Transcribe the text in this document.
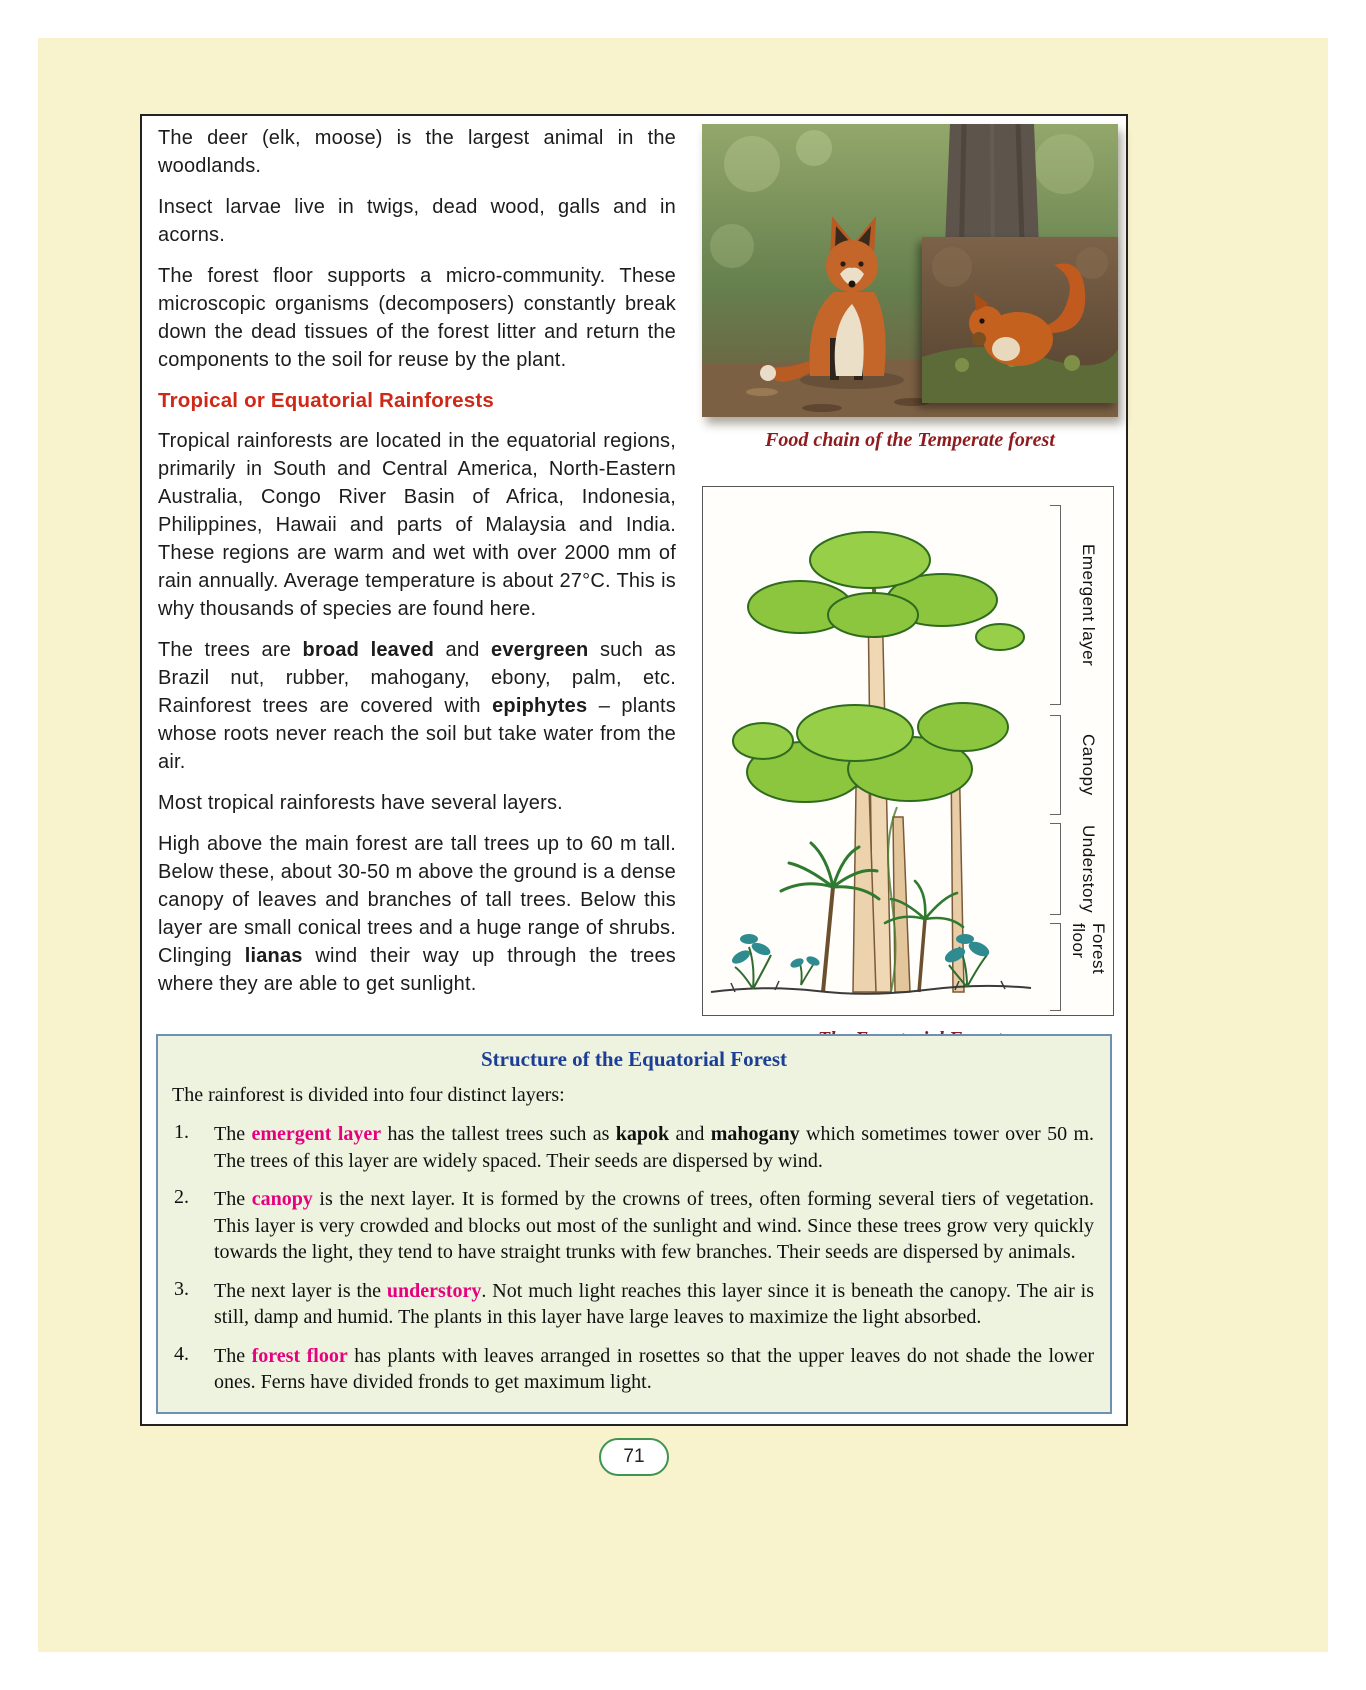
The deer (elk, moose) is the largest animal in the woodlands.

Insect larvae live in twigs, dead wood, galls and in acorns.

The forest floor supports a micro-community. These microscopic organisms (decomposers) constantly break down the dead tissues of the forest litter and return the components to the soil for reuse by the plant.

Tropical or Equatorial Rainforests

Tropical rainforests are located in the equatorial regions, primarily in South and Central America, North-Eastern Australia, Congo River Basin of Africa, Indonesia, Philippines, Hawaii and parts of Malaysia and India. These regions are warm and wet with over 2000 mm of rain annually. Average temperature is about 27°C. This is why thousands of species are found here.

The trees are broad leaved and evergreen such as Brazil nut, rubber, mahogany, ebony, palm, etc. Rainforest trees are covered with epiphytes – plants whose roots never reach the soil but take water from the air.

Most tropical rainforests have several layers.

High above the main forest are tall trees up to 60 m tall. Below these, about 30-50 m above the ground is a dense canopy of leaves and branches of tall trees. Below this layer are small conical trees and a huge range of shrubs. Clinging lianas wind their way up through the trees where they are able to get sunlight.

Food chain of the Temperate forest
Emergent layer
Canopy
Understory
Forest floor
Structure of the Equatorial Forest
The rainforest is divided into four distinct layers:
1.	The emergent layer has the tallest trees such as kapok and mahogany which sometimes tower over 50 m. The trees of this layer are widely spaced. Their seeds are dispersed by wind.
2.	The canopy is the next layer. It is formed by the crowns of trees, often forming several tiers of vegetation. This layer is very crowded and blocks out most of the sunlight and wind. Since these trees grow very quickly towards the light, they tend to have straight trunks with few branches. Their seeds are dispersed by animals.
3.	The next layer is the understory. Not much light reaches this layer since it is beneath the canopy. The air is still, damp and humid. The plants in this layer have large leaves to maximize the light absorbed.
4.	The forest floor has plants with leaves arranged in rosettes so that the upper leaves do not shade the lower ones. Ferns have divided fronds to get maximum light.
71
